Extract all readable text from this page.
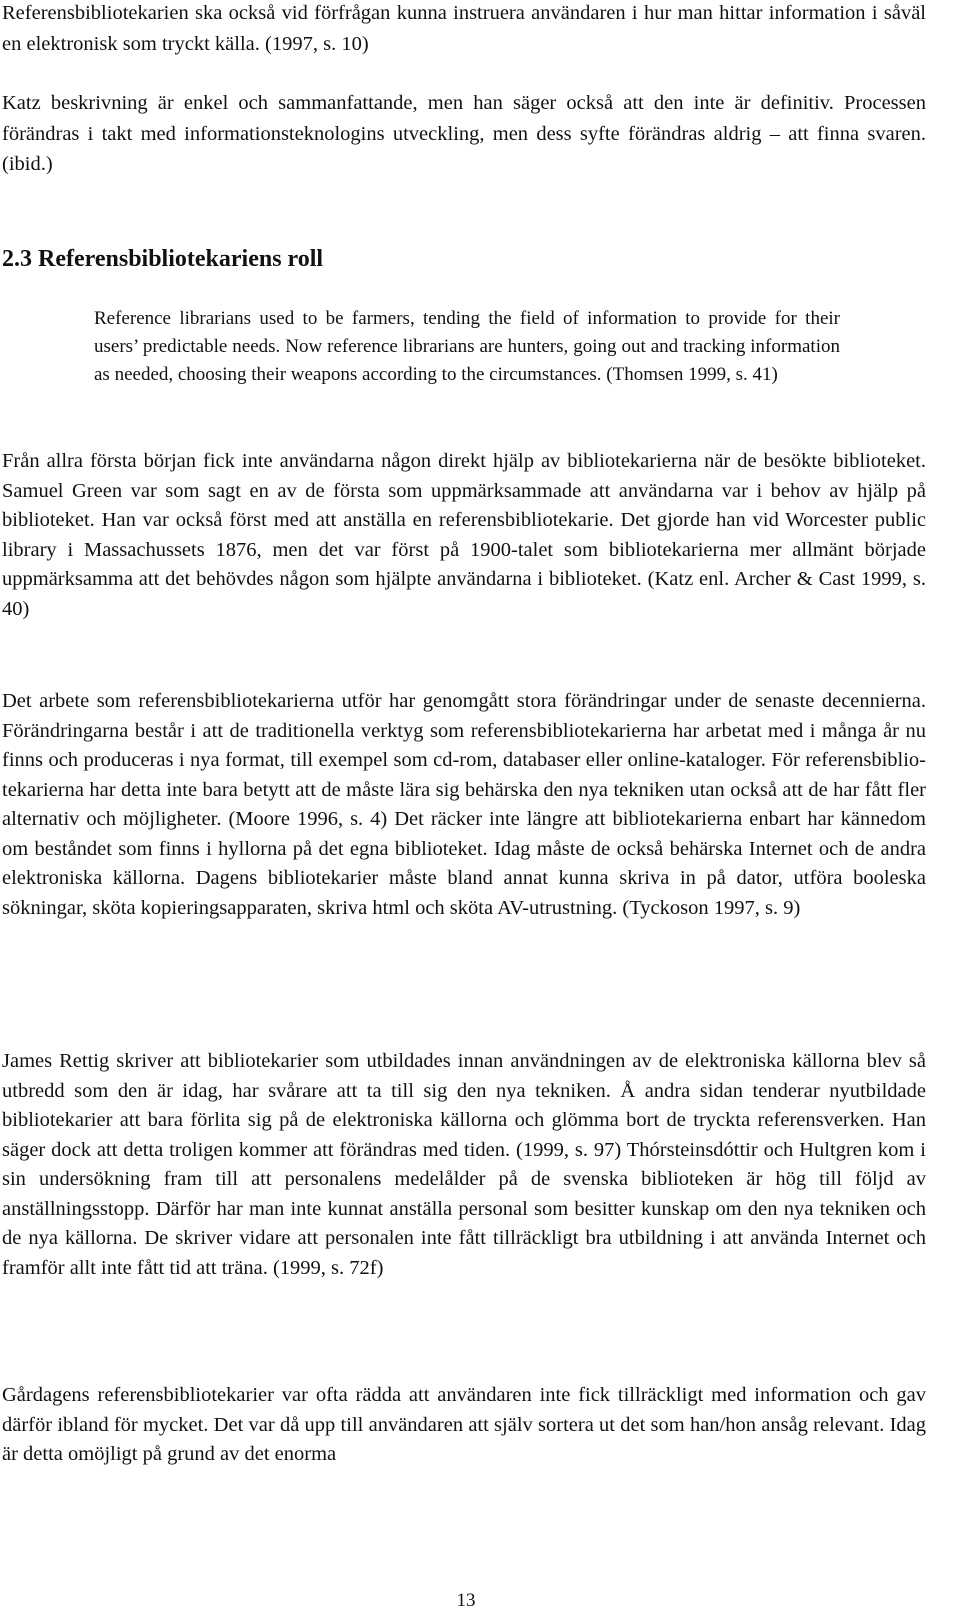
Referensbibliotekarien ska också vid förfrågan kunna instruera användaren i hur man hittar information i såväl en elektronisk som tryckt källa. (1997, s. 10)

Katz beskrivning är enkel och sammanfattande, men han säger också att den inte är definitiv. Processen förändras i takt med informationsteknologins utveckling, men dess syfte förändras aldrig – att finna svaren. (ibid.)

2.3 Referensbibliotekariens roll
Reference librarians used to be farmers, tending the field of information to provide for their users’ predictable needs. Now reference librarians are hunters, going out and tracking information as needed, choosing their weapons according to the circumstances. (Thomsen 1999, s. 41)

Från allra första början fick inte användarna någon direkt hjälp av bibliotekarierna när de besökte biblioteket. Samuel Green var som sagt en av de första som uppmärksammade att användarna var i behov av hjälp på biblioteket. Han var också först med att anställa en referensbibliotekarie. Det gjorde han vid Worcester public library i Massachussets 1876, men det var först på 1900-talet som bibliotekarierna mer allmänt började uppmärksamma att det behövdes någon som hjälpte användarna i biblioteket. (Katz enl. Archer & Cast 1999, s. 40)

Det arbete som referensbibliotekarierna utför har genomgått stora förändringar under de senaste decennierna. Förändringarna består i att de traditionella verktyg som referensbibliotekarierna har arbetat med i många år nu finns och produceras i nya format, till exempel som cd-rom, databaser eller online-kataloger. För referensbiblio-tekarierna har detta inte bara betytt att de måste lära sig behärska den nya tekniken utan också att de har fått fler alternativ och möjligheter. (Moore 1996, s. 4) Det räcker inte längre att bibliotekarierna enbart har kännedom om beståndet som finns i hyllorna på det egna biblioteket. Idag måste de också behärska Internet och de andra elektroniska källorna. Dagens bibliotekarier måste bland annat kunna skriva in på dator, utföra booleska sökningar, sköta kopieringsapparaten, skriva html och sköta AV-utrustning. (Tyckoson 1997, s. 9)

James Rettig skriver att bibliotekarier som utbildades innan användningen av de elektroniska källorna blev så utbredd som den är idag, har svårare att ta till sig den nya tekniken. Å andra sidan tenderar nyutbildade bibliotekarier att bara förlita sig på de elektroniska källorna och glömma bort de tryckta referensverken. Han säger dock att detta troligen kommer att förändras med tiden. (1999, s. 97) Thórsteinsdóttir och Hultgren kom i sin undersökning fram till att personalens medelålder på de svenska biblioteken är hög till följd av anställningsstopp. Därför har man inte kunnat anställa personal som besitter kunskap om den nya tekniken och de nya källorna. De skriver vidare att personalen inte fått tillräckligt bra utbildning i att använda Internet och framför allt inte fått tid att träna. (1999, s. 72f)

Gårdagens referensbibliotekarier var ofta rädda att användaren inte fick tillräckligt med information och gav därför ibland för mycket. Det var då upp till användaren att själv sortera ut det som han/hon ansåg relevant. Idag är detta omöjligt på grund av det enorma

13
